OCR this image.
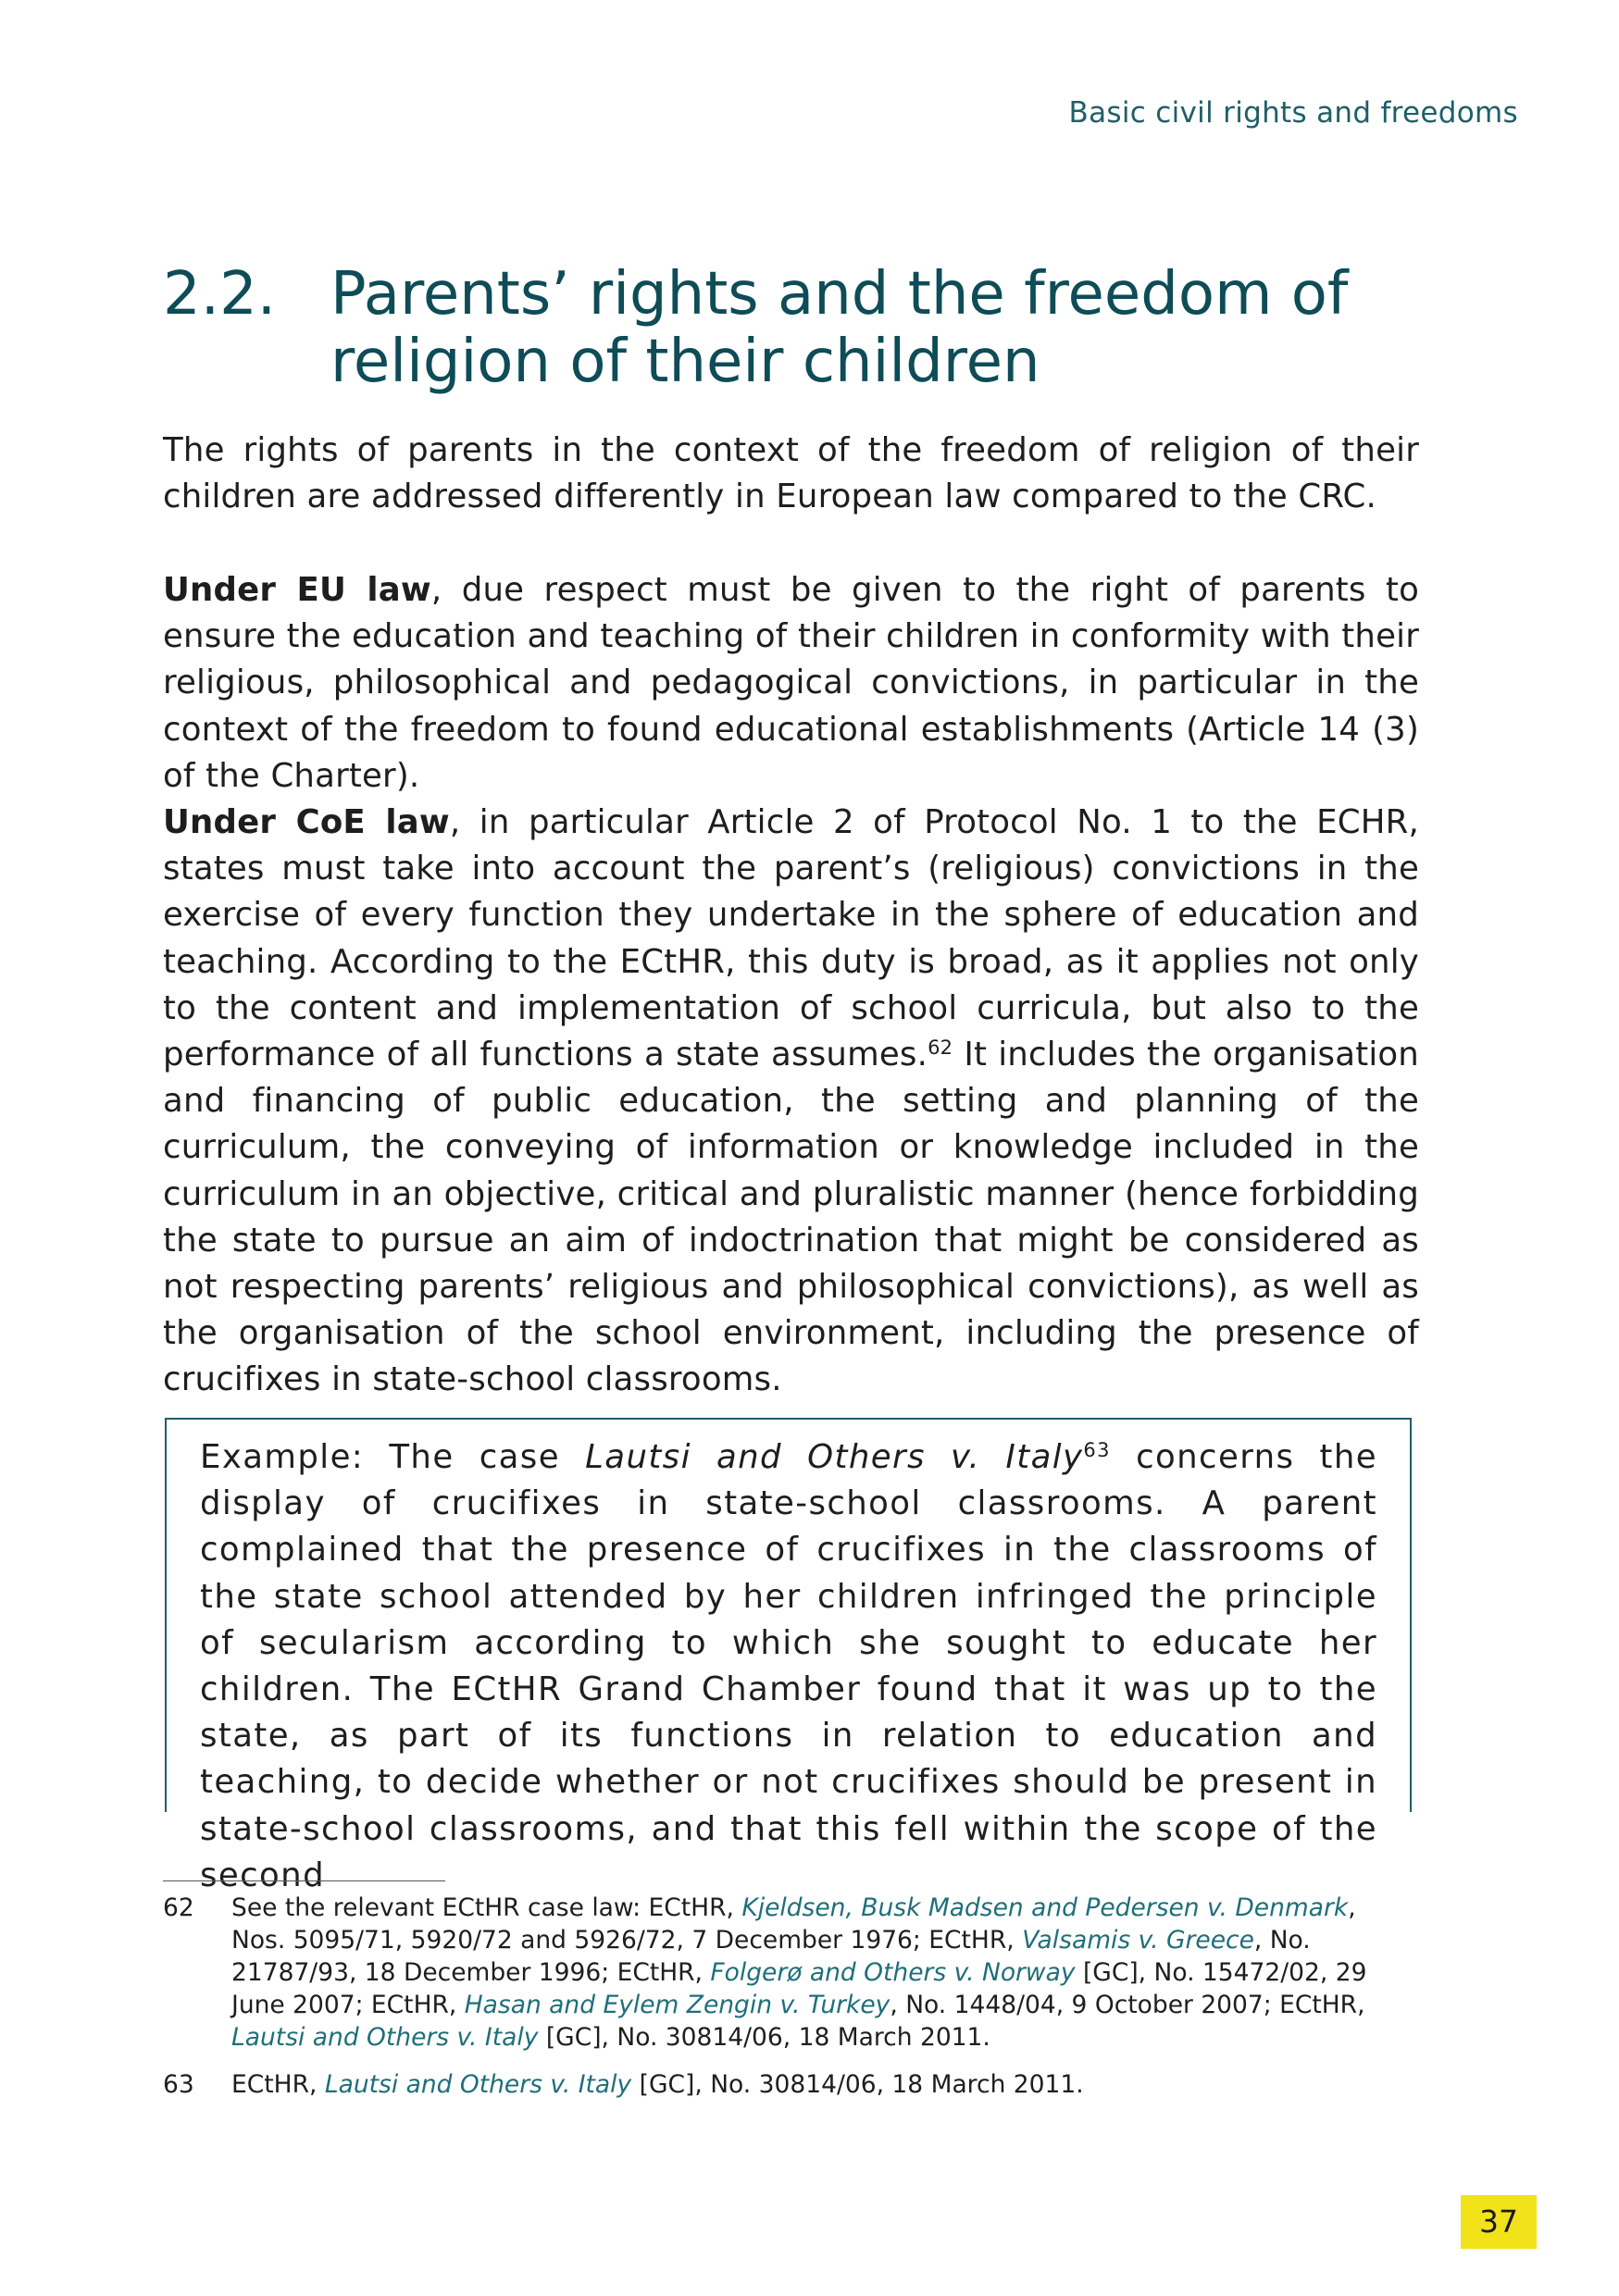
Basic civil rights and freedoms
2.2. Parents’ rights and the freedom of
religion of their children

The rights of parents in the context of the freedom of religion of their children are addressed differently in European law compared to the CRC.

Under EU law, due respect must be given to the right of parents to ensure the education and teaching of their children in conformity with their religious, philosophical and pedagogical convictions, in particular in the context of the freedom to found educational establishments (Article 14 (3) of the Charter).

Under CoE law, in particular Article 2 of Protocol No. 1 to the ECHR, states must take into account the parent’s (religious) convictions in the exercise of every function they undertake in the sphere of education and teaching. According to the ECtHR, this duty is broad, as it applies not only to the content and implementation of school curricula, but also to the performance of all functions a state assumes.$^{62}$ It includes the organisation and financing of public education, the setting and planning of the curriculum, the conveying of information or knowledge included in the curriculum in an objective, critical and pluralistic manner (hence forbidding the state to pursue an aim of indoctrination that might be considered as not respecting parents’ religious and philosophical convictions), as well as the organisation of the school environment, including the presence of crucifixes in state-school classrooms.

Example: The case Lautsi and Others v. Italy$^{63}$ concerns the display of crucifixes in state-school classrooms. A parent complained that the presence of crucifixes in the classrooms of the state school attended by her children infringed the principle of secularism according to which she sought to educate her children. The ECtHR Grand Chamber found that it was up to the state, as part of its functions in relation to education and teaching, to decide whether or not crucifixes should be present in state-school classrooms, and that this fell within the scope of the second

62 See the relevant ECtHR case law: ECtHR, Kjeldsen, Busk Madsen and Pedersen v. Denmark, Nos. 5095/71, 5920/72 and 5926/72, 7 December 1976; ECtHR, Valsamis v. Greece, No. 21787/93, 18 December 1996; ECtHR, Folgerø and Others v. Norway [GC], No. 15472/02, 29 June 2007; ECtHR, Hasan and Eylem Zengin v. Turkey, No. 1448/04, 9 October 2007; ECtHR, Lautsi and Others v. Italy [GC], No. 30814/06, 18 March 2011.
63 ECtHR, Lautsi and Others v. Italy [GC], No. 30814/06, 18 March 2011.
37
